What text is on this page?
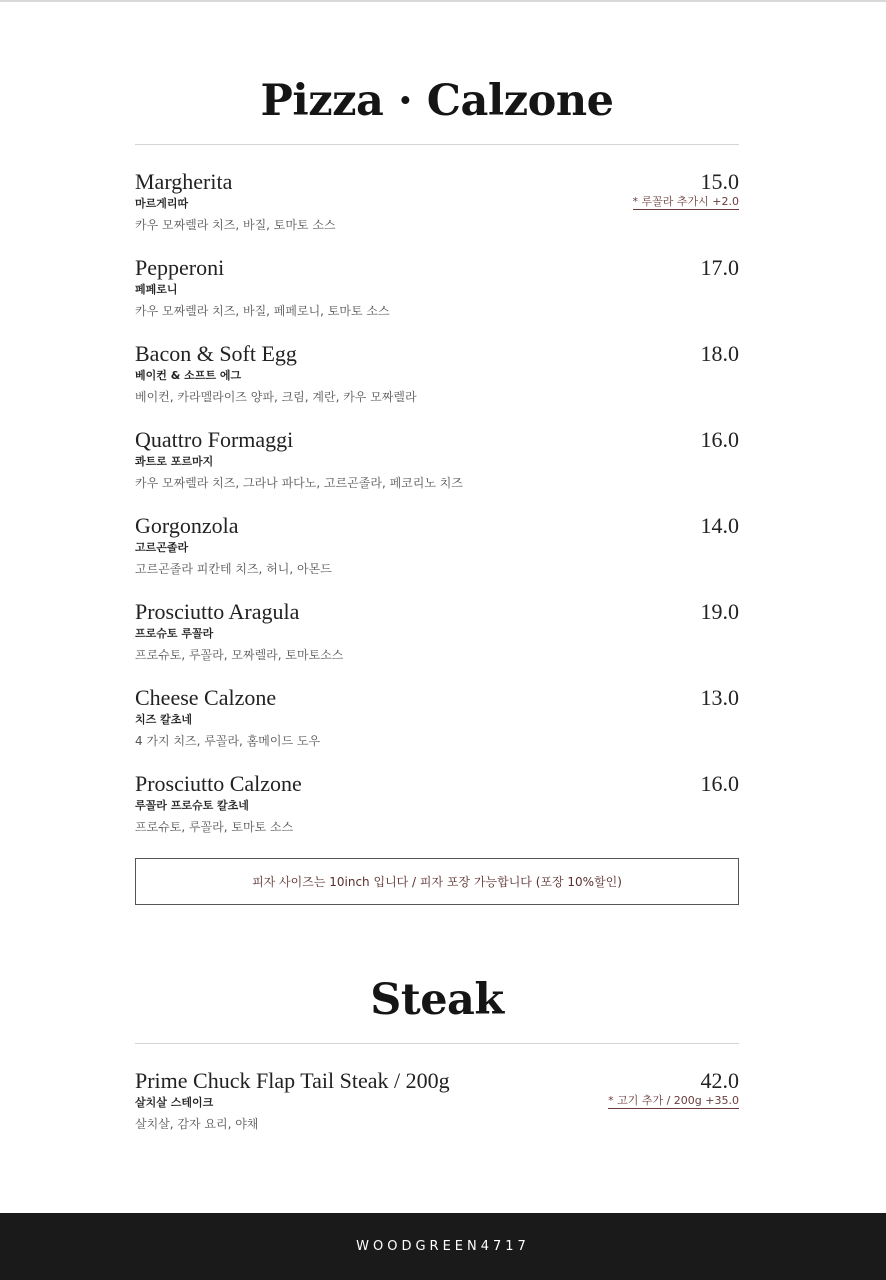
Pizza · Calzone
Margherita	15.0
마르게리따	* 루꼴라 추가시 +2.0
카우 모짜렐라 치즈, 바질, 토마토 소스
Pepperoni	17.0
페페로니
카우 모짜렐라 치즈, 바질, 페페로니, 토마토 소스
Bacon & Soft Egg	18.0
베이컨 & 소프트 에그
베이컨, 카라멜라이즈 양파, 크림, 계란, 카우 모짜렐라
Quattro Formaggi	16.0
콰트로 포르마지
카우 모짜렐라 치즈, 그라나 파다노, 고르곤졸라, 페코리노 치즈
Gorgonzola	14.0
고르곤졸라
고르곤졸라 피칸테 치즈, 허니, 아몬드
Prosciutto Aragula	19.0
프로슈토 루꼴라
프로슈토, 루꼴라, 모짜렐라, 토마토소스
Cheese Calzone	13.0
치즈 칼초네
4 가지 치즈, 루꼴라, 홈메이드 도우
Prosciutto Calzone	16.0
루꼴라 프로슈토 칼초네
프로슈토, 루꼴라, 토마토 소스
피자 사이즈는 10inch 입니다 / 피자 포장 가능합니다 (포장 10%할인)
Steak
Prime Chuck Flap Tail Steak / 200g	42.0
살치살 스테이크	* 고기 추가 / 200g +35.0
살치살, 감자 요리, 야채
WOODGREEN4717
